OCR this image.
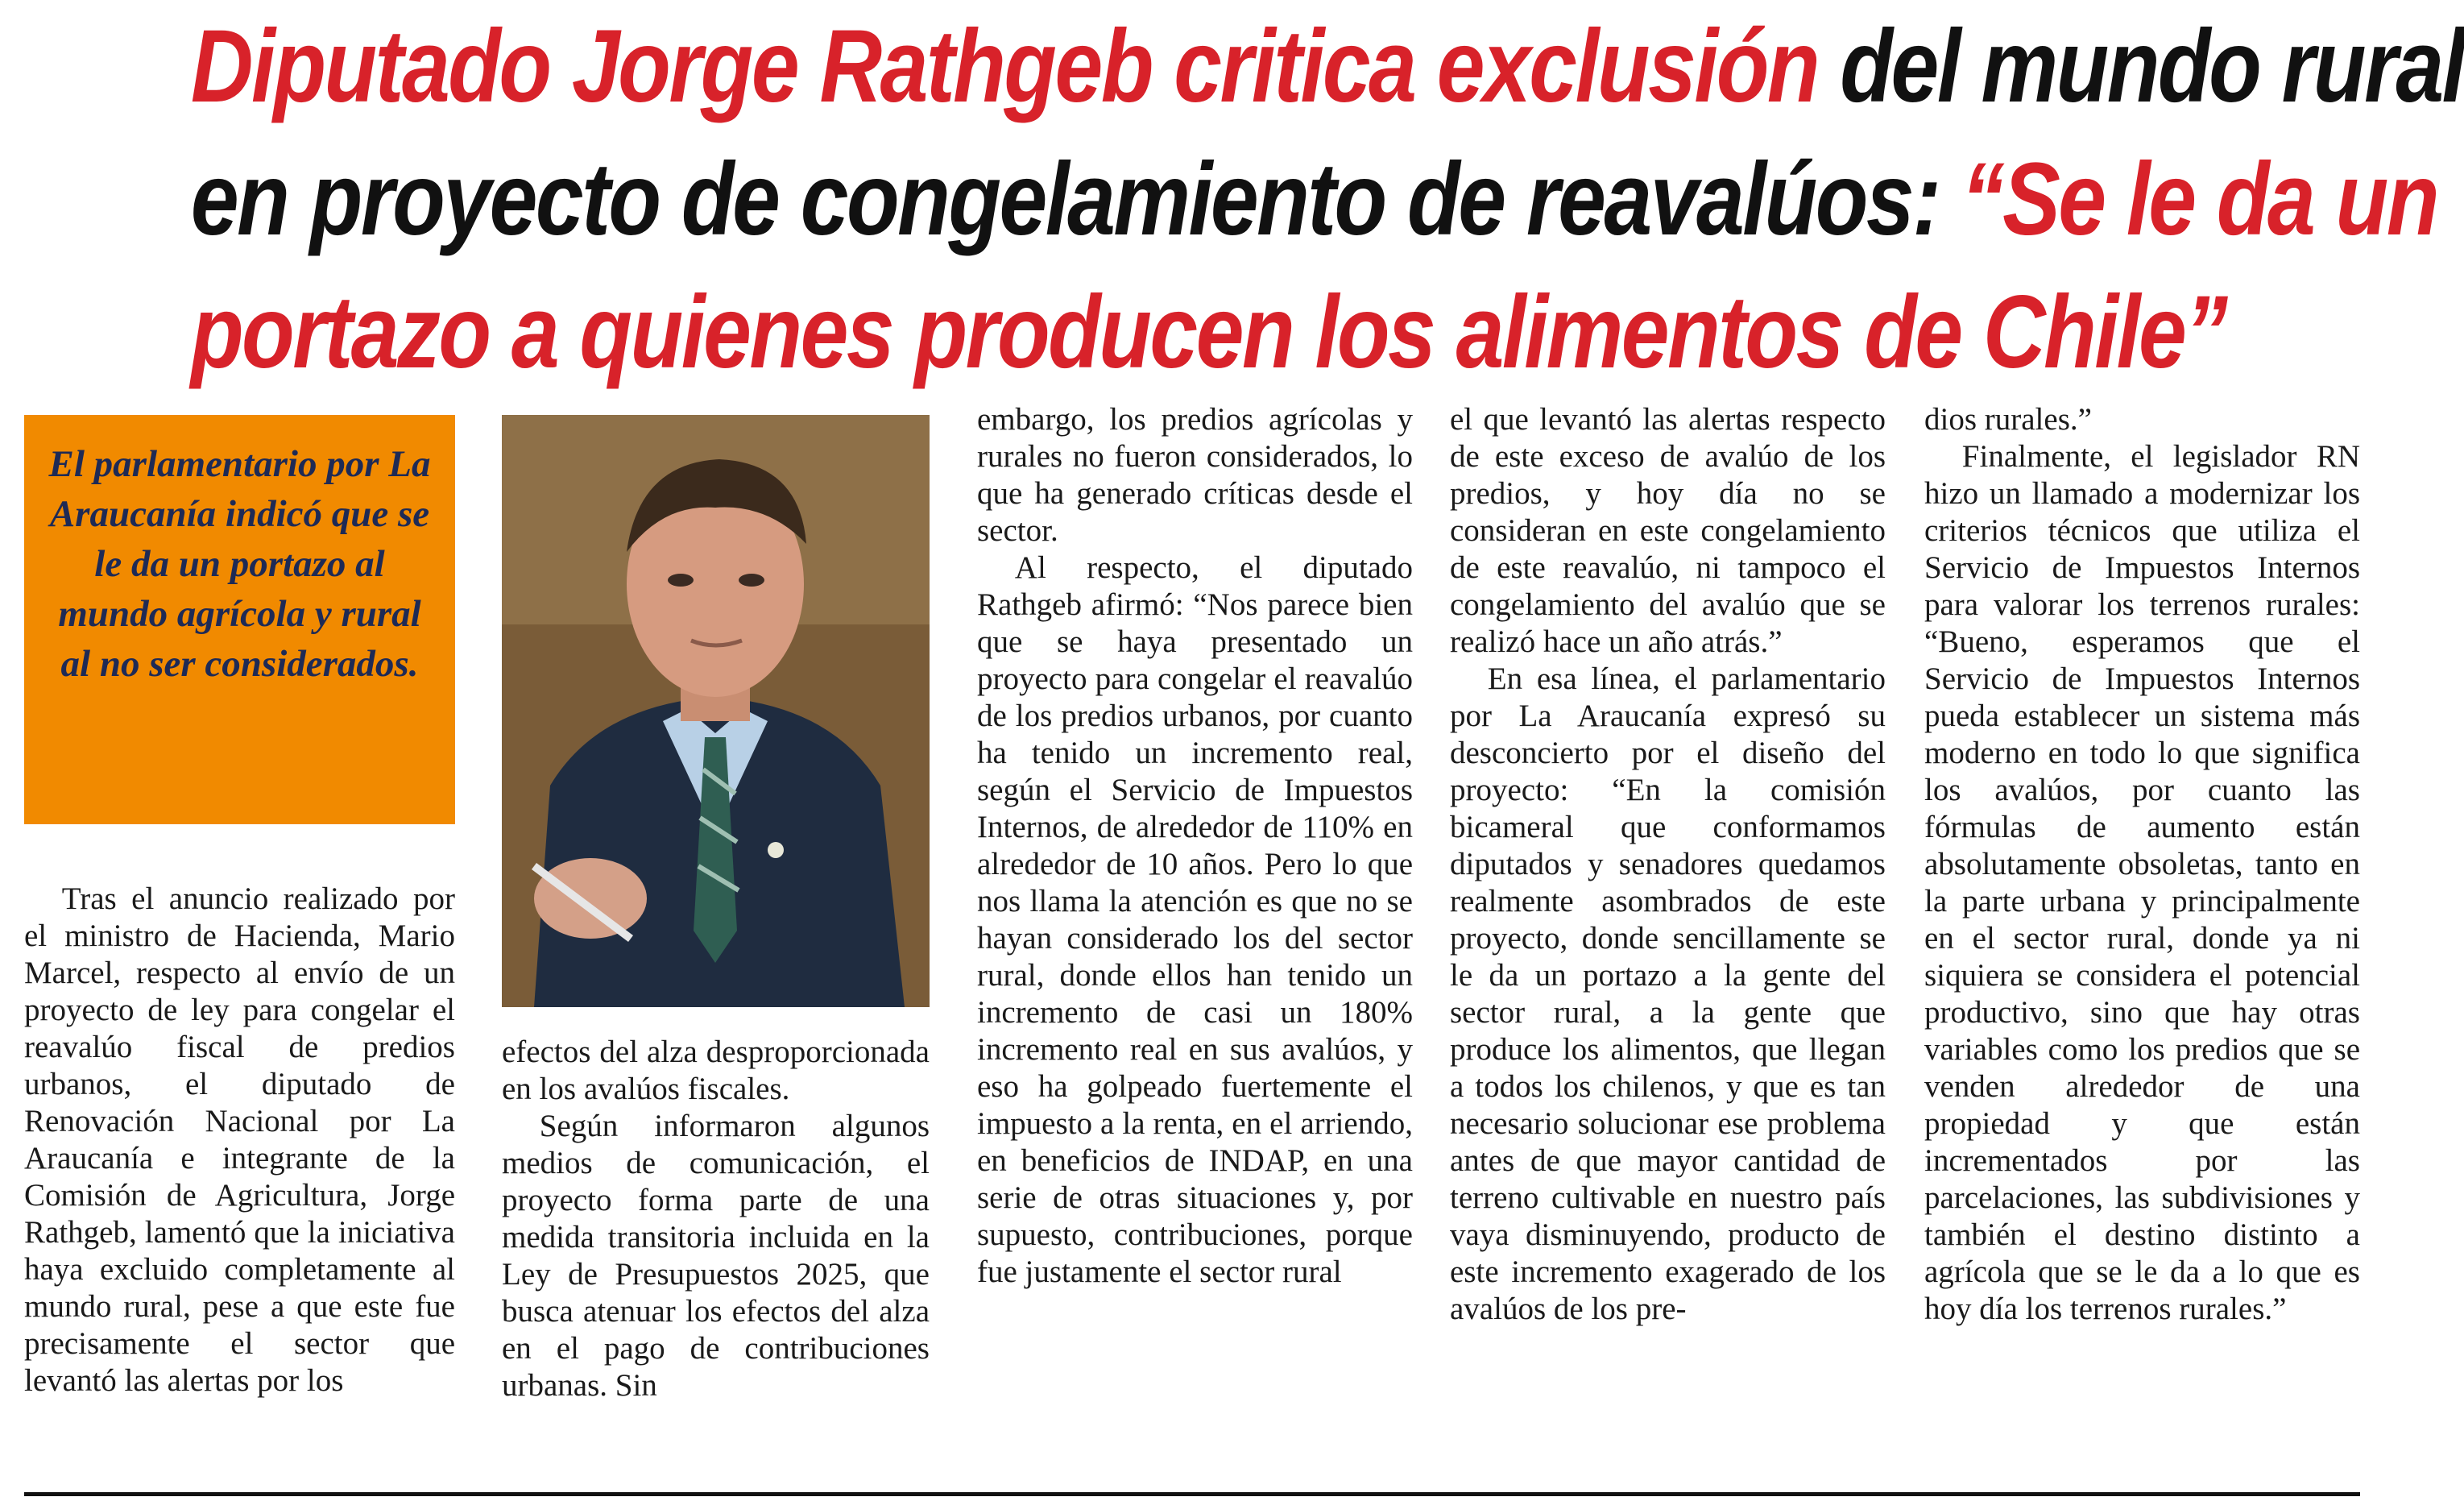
Diputado Jorge Rathgeb critica exclusión del mundo rural
en proyecto de congelamiento de reavalúos: “Se le da un
portazo a quienes producen los alimentos de Chile”
El parlamentario por La Araucanía indicó que se le da un portazo al mundo agrícola y rural al no ser considerados.

Tras el anuncio realizado por el ministro de Hacienda, Mario Marcel, respecto al envío de un proyecto de ley para congelar el reavalúo fiscal de predios urbanos, el diputado de Renovación Nacional por La Araucanía e integrante de la Comisión de Agricultura, Jorge Rathgeb, lamentó que la iniciativa haya excluido completamente al mundo rural, pese a que este fue precisamente el sector que levantó las alertas por los

efectos del alza desproporcionada en los avalúos fiscales.

Según informaron algunos medios de comunicación, el proyecto forma parte de una medida transitoria incluida en la Ley de Presupuestos 2025, que busca atenuar los efectos del alza en el pago de contribuciones urbanas. Sin

embargo, los predios agrícolas y rurales no fueron considerados, lo que ha generado críticas desde el sector.

Al respecto, el diputado Rathgeb afirmó: “Nos parece bien que se haya presentado un proyecto para congelar el reavalúo de los predios urbanos, por cuanto ha tenido un incremento real, según el Servicio de Impuestos Internos, de alrededor de 110% en alrededor de 10 años. Pero lo que nos llama la atención es que no se hayan considerado los del sector rural, donde ellos han tenido un incremento de casi un 180% incremento real en sus avalúos, y eso ha golpeado fuertemente el impuesto a la renta, en el arriendo, en beneficios de INDAP, en una serie de otras situaciones y, por supuesto, contribuciones, porque fue justamente el sector rural

el que levantó las alertas respecto de este exceso de avalúo de los predios, y hoy día no se consideran en este congelamiento de este reavalúo, ni tampoco el congelamiento del avalúo que se realizó hace un año atrás.”

En esa línea, el parlamentario por La Araucanía expresó su desconcierto por el diseño del proyecto: “En la comisión bicameral que conformamos diputados y senadores quedamos realmente asombrados de este proyecto, donde sencillamente se le da un portazo a la gente del sector rural, a la gente que produce los alimentos, que llegan a todos los chilenos, y que es tan necesario solucionar ese problema antes de que mayor cantidad de terreno cultivable en nuestro país vaya disminuyendo, producto de este incremento exagerado de los avalúos de los pre-

dios rurales.”

Finalmente, el legislador RN hizo un llamado a modernizar los criterios técnicos que utiliza el Servicio de Impuestos Internos para valorar los terrenos rurales: “Bueno, esperamos que el Servicio de Impuestos Internos pueda establecer un sistema más moderno en todo lo que significa los avalúos, por cuanto las fórmulas de aumento están absolutamente obsoletas, tanto en la parte urbana y principalmente en el sector rural, donde ya ni siquiera se considera el potencial productivo, sino que hay otras variables como los predios que se venden alrededor de una propiedad y que están incrementados por las parcelaciones, las subdivisiones y también el destino distinto a agrícola que se le da a lo que es hoy día los terrenos rurales.”
